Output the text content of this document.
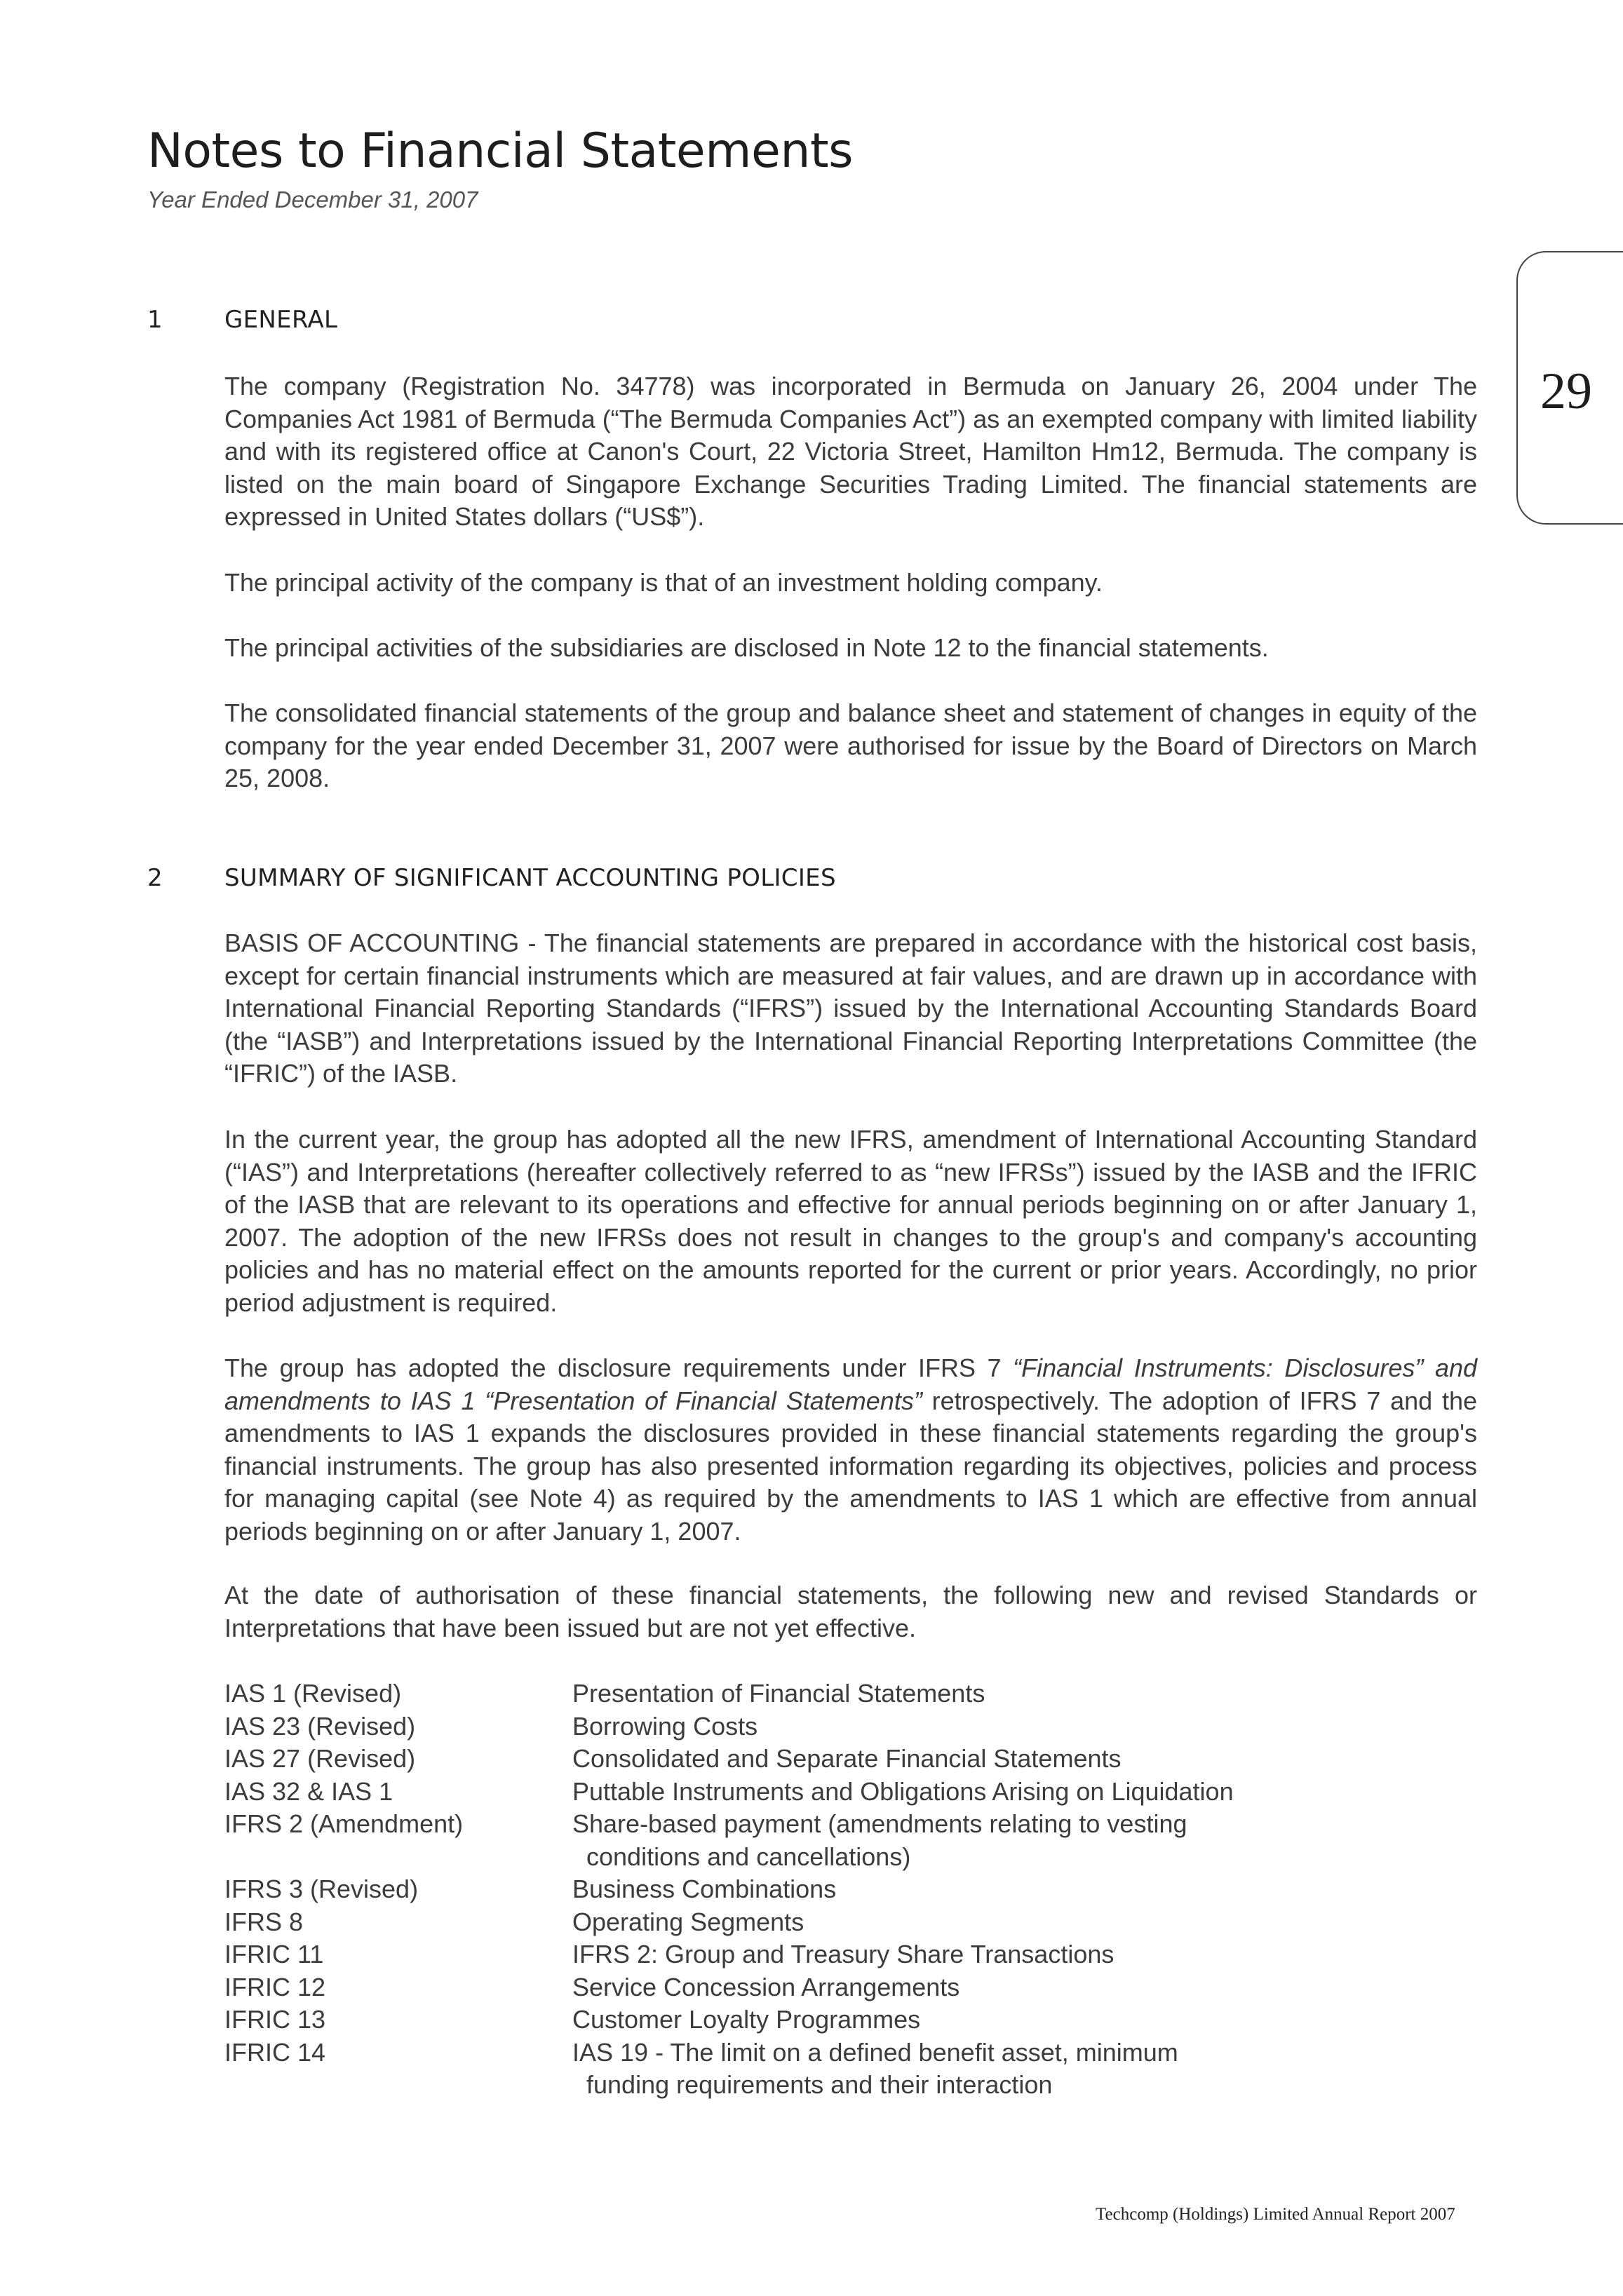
Notes to Financial Statements
Year Ended December 31, 2007
29
1	GENERAL

The company (Registration No. 34778) was incorporated in Bermuda on January 26, 2004 under The Companies Act 1981 of Bermuda (“The Bermuda Companies Act”) as an exempted company with limited liability and with its registered office at Canon's Court, 22 Victoria Street, Hamilton Hm12, Bermuda. The company is listed on the main board of Singapore Exchange Securities Trading Limited. The financial statements are expressed in United States dollars (“US$”).

The principal activity of the company is that of an investment holding company.

The principal activities of the subsidiaries are disclosed in Note 12 to the financial statements.

The consolidated financial statements of the group and balance sheet and statement of changes in equity of the company for the year ended December 31, 2007 were authorised for issue by the Board of Directors on March 25, 2008.

2	SUMMARY OF SIGNIFICANT ACCOUNTING POLICIES

BASIS OF ACCOUNTING - The financial statements are prepared in accordance with the historical cost basis, except for certain financial instruments which are measured at fair values, and are drawn up in accordance with International Financial Reporting Standards (“IFRS”) issued by the International Accounting Standards Board (the “IASB”) and Interpretations issued by the International Financial Reporting Interpretations Committee (the “IFRIC”) of the IASB.

In the current year, the group has adopted all the new IFRS, amendment of International Accounting Standard (“IAS”) and Interpretations (hereafter collectively referred to as “new IFRSs”) issued by the IASB and the IFRIC of the IASB that are relevant to its operations and effective for annual periods beginning on or after January 1, 2007. The adoption of the new IFRSs does not result in changes to the group's and company's accounting policies and has no material effect on the amounts reported for the current or prior years. Accordingly, no prior period adjustment is required.

The group has adopted the disclosure requirements under IFRS 7 “Financial Instruments: Disclosures” and amendments to IAS 1 “Presentation of Financial Statements” retrospectively. The adoption of IFRS 7 and the amendments to IAS 1 expands the disclosures provided in these financial statements regarding the group's financial instruments. The group has also presented information regarding its objectives, policies and process for managing capital (see Note 4) as required by the amendments to IAS 1 which are effective from annual periods beginning on or after January 1, 2007.

At the date of authorisation of these financial statements, the following new and revised Standards or Interpretations that have been issued but are not yet effective.

IAS 1 (Revised)	Presentation of Financial Statements
IAS 23 (Revised)	Borrowing Costs
IAS 27 (Revised)	Consolidated and Separate Financial Statements
IAS 32 & IAS 1	Puttable Instruments and Obligations Arising on Liquidation
IFRS 2 (Amendment)	Share-based payment (amendments relating to vesting
conditions and cancellations)
IFRS 3 (Revised)	Business Combinations
IFRS 8	Operating Segments
IFRIC 11	IFRS 2: Group and Treasury Share Transactions
IFRIC 12	Service Concession Arrangements
IFRIC 13	Customer Loyalty Programmes
IFRIC 14	IAS 19 - The limit on a defined benefit asset, minimum
funding requirements and their interaction
Techcomp (Holdings) Limited Annual Report 2007
